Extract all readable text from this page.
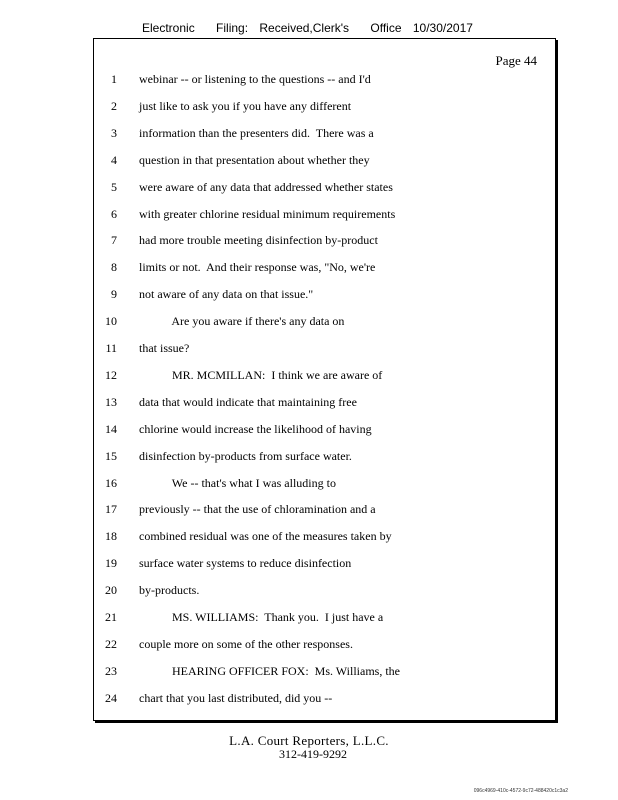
Electronic Filing: Received,Clerk's Office 10/30/2017
Page 44
1 webinar -- or listening to the questions -- and I'd
2 just like to ask you if you have any different
3 information than the presenters did.  There was a
4 question in that presentation about whether they
5 were aware of any data that addressed whether states
6 with greater chlorine residual minimum requirements
7 had more trouble meeting disinfection by-product
8 limits or not.  And their response was, "No, we're
9 not aware of any data on that issue."
10 Are you aware if there's any data on
11 that issue?
12 MR. MCMILLAN:  I think we are aware of
13 data that would indicate that maintaining free
14 chlorine would increase the likelihood of having
15 disinfection by-products from surface water.
16 We -- that's what I was alluding to
17 previously -- that the use of chloramination and a
18 combined residual was one of the measures taken by
19 surface water systems to reduce disinfection
20 by-products.
21 MS. WILLIAMS:  Thank you.  I just have a
22 couple more on some of the other responses.
23 HEARING OFFICER FOX:  Ms. Williams, the
24 chart that you last distributed, did you --
L.A. Court Reporters, L.L.C.
312-419-9292
096c4969-410c-4572-9c72-488420c1c3a2
